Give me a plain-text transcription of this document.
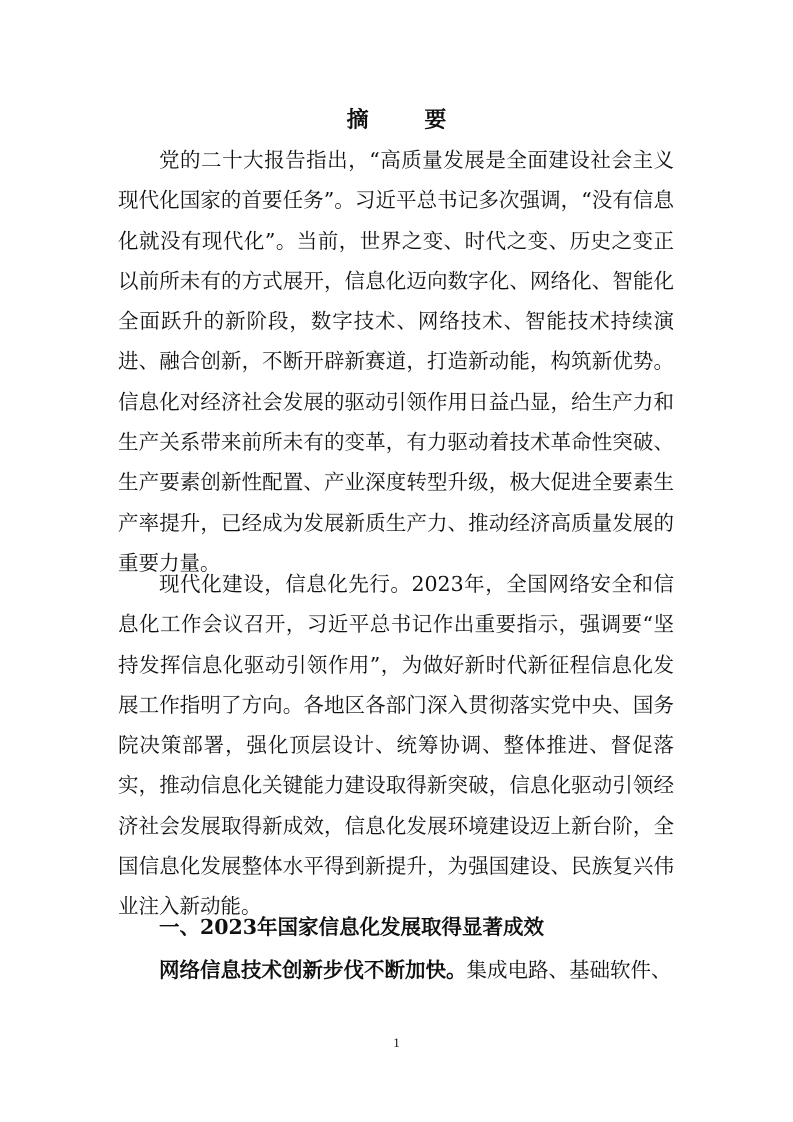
摘 要

党的二十大报告指出，“高质量发展是全面建设社会主义现代化国家的首要任务”。习近平总书记多次强调，“没有信息化就没有现代化”。当前，世界之变、时代之变、历史之变正以前所未有的方式展开，信息化迈向数字化、网络化、智能化全面跃升的新阶段，数字技术、网络技术、智能技术持续演进、融合创新，不断开辟新赛道，打造新动能，构筑新优势。信息化对经济社会发展的驱动引领作用日益凸显，给生产力和生产关系带来前所未有的变革，有力驱动着技术革命性突破、生产要素创新性配置、产业深度转型升级，极大促进全要素生产率提升，已经成为发展新质生产力、推动经济高质量发展的重要力量。

现代化建设，信息化先行。2023年，全国网络安全和信息化工作会议召开，习近平总书记作出重要指示，强调要“坚持发挥信息化驱动引领作用”，为做好新时代新征程信息化发展工作指明了方向。各地区各部门深入贯彻落实党中央、国务院决策部署，强化顶层设计、统筹协调、整体推进、督促落实，推动信息化关键能力建设取得新突破，信息化驱动引领经济社会发展取得新成效，信息化发展环境建设迈上新台阶，全国信息化发展整体水平得到新提升，为强国建设、民族复兴伟业注入新动能。

一、2023年国家信息化发展取得显著成效

网络信息技术创新步伐不断加快。集成电路、基础软件、

1
